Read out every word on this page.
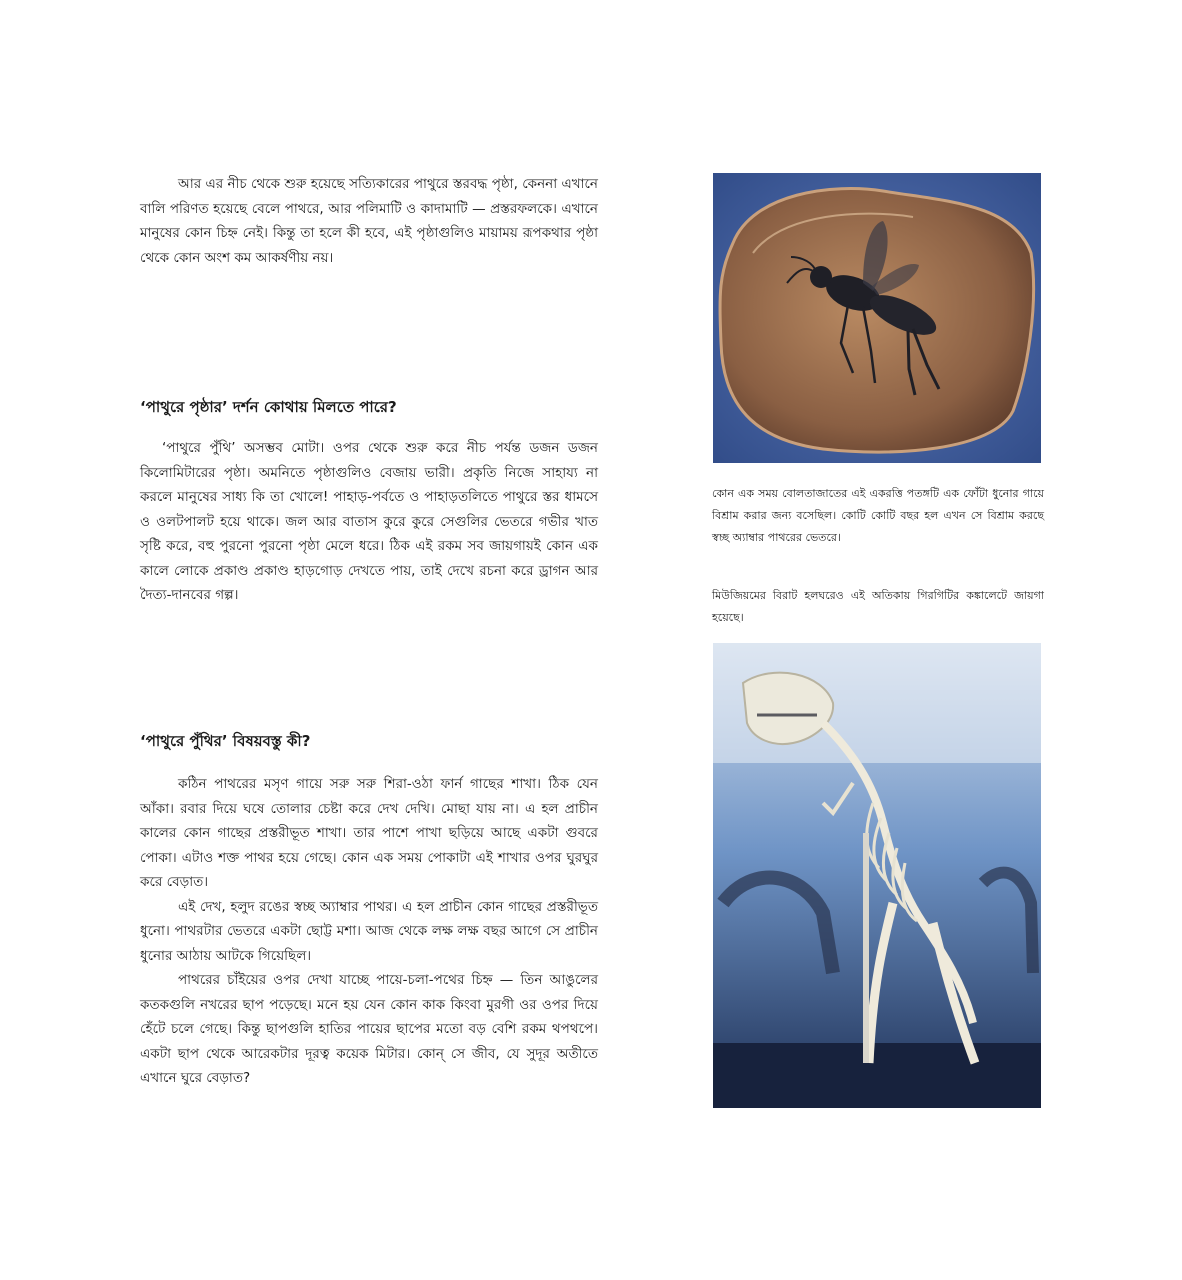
আর এর নীচ থেকে শুরু হয়েছে সত্যিকারের পাথুরে স্তরবদ্ধ পৃষ্ঠা, কেননা এখানে বালি পরিণত হয়েছে বেলে পাথরে, আর পলিমাটি ও কাদামাটি — প্রস্তরফলকে। এখানে মানুষের কোন চিহ্ন নেই। কিন্তু তা হলে কী হবে, এই পৃষ্ঠাগুলিও মায়াময় রূপকথার পৃষ্ঠা থেকে কোন অংশ কম আকর্ষণীয় নয়।

‘পাথুরে পৃষ্ঠার’ দর্শন কোথায় মিলতে পারে?

‘পাথুরে পুঁথি’ অসম্ভব মোটা। ওপর থেকে শুরু করে নীচ পর্যন্ত ডজন ডজন কিলোমিটারের পৃষ্ঠা। অমনিতে পৃষ্ঠাগুলিও বেজায় ভারী। প্রকৃতি নিজে সাহায্য না করলে মানুষের সাধ্য কি তা খোলে! পাহাড়-পর্বতে ও পাহাড়তলিতে পাথুরে স্তর ধামসে ও ওলটপালট হয়ে থাকে। জল আর বাতাস কুরে কুরে সেগুলির ভেতরে গভীর খাত সৃষ্টি করে, বহু পুরনো পুরনো পৃষ্ঠা মেলে ধরে। ঠিক এই রকম সব জায়গায়ই কোন এক কালে লোকে প্রকাণ্ড প্রকাণ্ড হাড়গোড় দেখতে পায়, তাই দেখে রচনা করে ড্রাগন আর দৈত্য-দানবের গল্প।

‘পাথুরে পুঁথির’ বিষয়বস্তু কী?

কঠিন পাথরের মসৃণ গায়ে সরু সরু শিরা-ওঠা ফার্ন গাছের শাখা। ঠিক যেন আঁকা। রবার দিয়ে ঘষে তোলার চেষ্টা করে দেখ দেখি। মোছা যায় না। এ হল প্রাচীন কালের কোন গাছের প্রস্তরীভূত শাখা। তার পাশে পাখা ছড়িয়ে আছে একটা গুবরে পোকা। এটাও শক্ত পাথর হয়ে গেছে। কোন এক সময় পোকাটা এই শাখার ওপর ঘুরঘুর করে বেড়াত।

এই দেখ, হলুদ রঙের স্বচ্ছ অ্যাম্বার পাথর। এ হল প্রাচীন কোন গাছের প্রস্তরীভূত ধুনো। পাথরটার ভেতরে একটা ছোট্ট মশা। আজ থেকে লক্ষ লক্ষ বছর আগে সে প্রাচীন ধুনোর আঠায় আটকে গিয়েছিল।

পাথরের চাঁইয়ের ওপর দেখা যাচ্ছে পায়ে-চলা-পথের চিহ্ন — তিন আঙুলের কতকগুলি নখরের ছাপ পড়েছে। মনে হয় যেন কোন কাক কিংবা মুরগী ওর ওপর দিয়ে হেঁটে চলে গেছে। কিন্তু ছাপগুলি হাতির পায়ের ছাপের মতো বড় বেশি রকম থপথপে। একটা ছাপ থেকে আরেকটার দূরত্ব কয়েক মিটার। কোন্ সে জীব, যে সুদূর অতীতে এখানে ঘুরে বেড়াত?

কোন এক সময় বোলতাজাতের এই একরত্তি পতঙ্গটি এক ফোঁটা ধুনোর গায়ে বিশ্রাম করার জন্য বসেছিল। কোটি কোটি বছর হল এখন সে বিশ্রাম করছে স্বচ্ছ অ্যাম্বার পাথরের ভেতরে।

মিউজিয়মের বিরাট হলঘরেও এই অতিকায় গিরগিটির কঙ্কালেটে জায়গা হয়েছে।
